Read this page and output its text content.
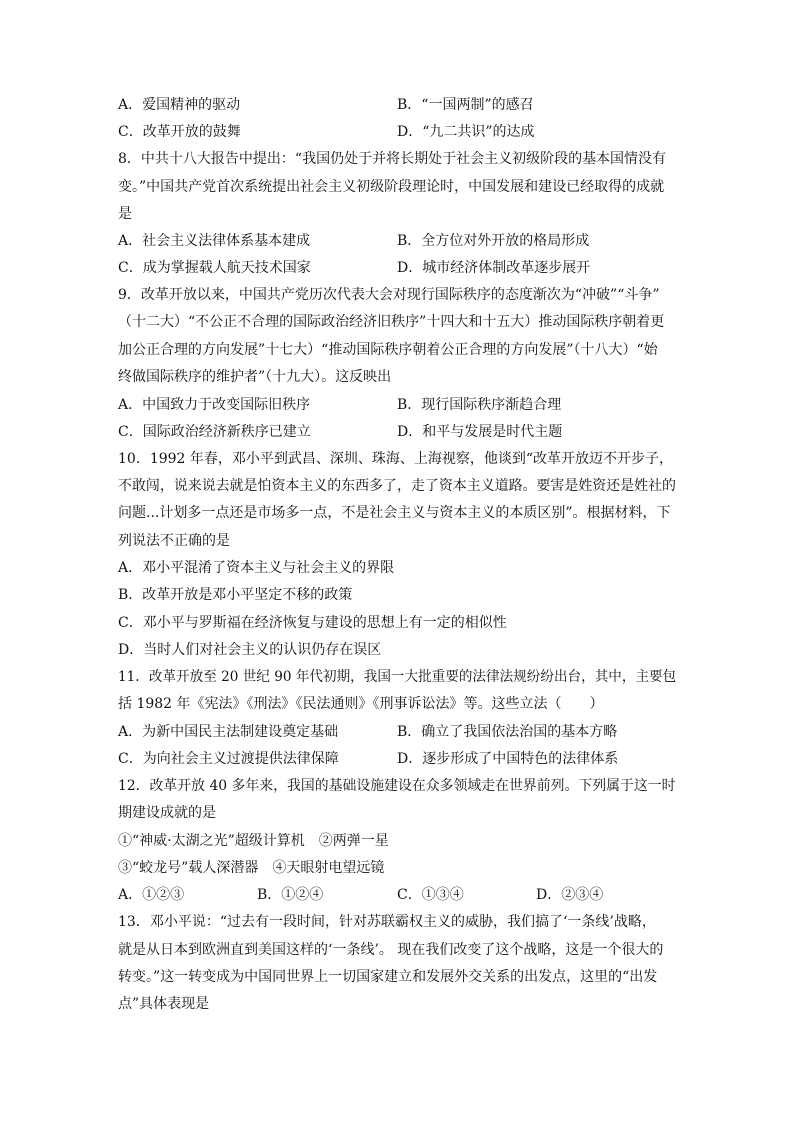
A．爱国精神的驱动	B．“一国两制”的感召
C．改革开放的鼓舞	D．“九二共识”的达成
8．中共十八大报告中提出：“我国仍处于并将长期处于社会主义初级阶段的基本国情没有
变。”中国共产党首次系统提出社会主义初级阶段理论时，中国发展和建设已经取得的成就
是
A．社会主义法律体系基本建成	B．全方位对外开放的格局形成
C．成为掌握载人航天技术国家	D．城市经济体制改革逐步展开
9．改革开放以来，中国共产党历次代表大会对现行国际秩序的态度渐次为“冲破”“斗争”
（十二大）“不公正不合理的国际政治经济旧秩序”十四大和十五大）推动国际秩序朝着更
加公正合理的方向发展”十七大）“推动国际秩序朝着公正合理的方向发展”（十八大）“始
终做国际秩序的维护者”（十九大）。这反映出
A．中国致力于改变国际旧秩序	B．现行国际秩序渐趋合理
C．国际政治经济新秩序已建立	D．和平与发展是时代主题
10．1992 年春，邓小平到武昌、深圳、珠海、上海视察，他谈到“改革开放迈不开步子，
不敢闯，说来说去就是怕资本主义的东西多了，走了资本主义道路。要害是姓资还是姓社的
问题...计划多一点还是市场多一点，不是社会主义与资本主义的本质区别”。根据材料，下
列说法不正确的是
A．邓小平混淆了资本主义与社会主义的界限
B．改革开放是邓小平坚定不移的政策
C．邓小平与罗斯福在经济恢复与建设的思想上有一定的相似性
D．当时人们对社会主义的认识仍存在误区
11．改革开放至 20 世纪 90 年代初期，我国一大批重要的法律法规纷纷出台，其中，主要包
括 1982 年《宪法》《刑法》《民法通则》《刑事诉讼法》等。这些立法（　　）
A．为新中国民主法制建设奠定基础	B．确立了我国依法治国的基本方略
C．为向社会主义过渡提供法律保障	D．逐步形成了中国特色的法律体系
12．改革开放 40 多年来，我国的基础设施建设在众多领域走在世界前列。下列属于这一时
期建设成就的是
①“神威·太湖之光”超级计算机　②两弹一星
③“蛟龙号”载人深潜器　④天眼射电望远镜
A．①②③	B．①②④	C．①③④	D．②③④
13．邓小平说：“过去有一段时间，针对苏联霸权主义的威胁，我们搞了‘一条线’战略，
就是从日本到欧洲直到美国这样的‘一条线’。 现在我们改变了这个战略，这是一个很大的
转变。”这一转变成为中国同世界上一切国家建立和发展外交关系的出发点，这里的“出发
点”具体表现是
